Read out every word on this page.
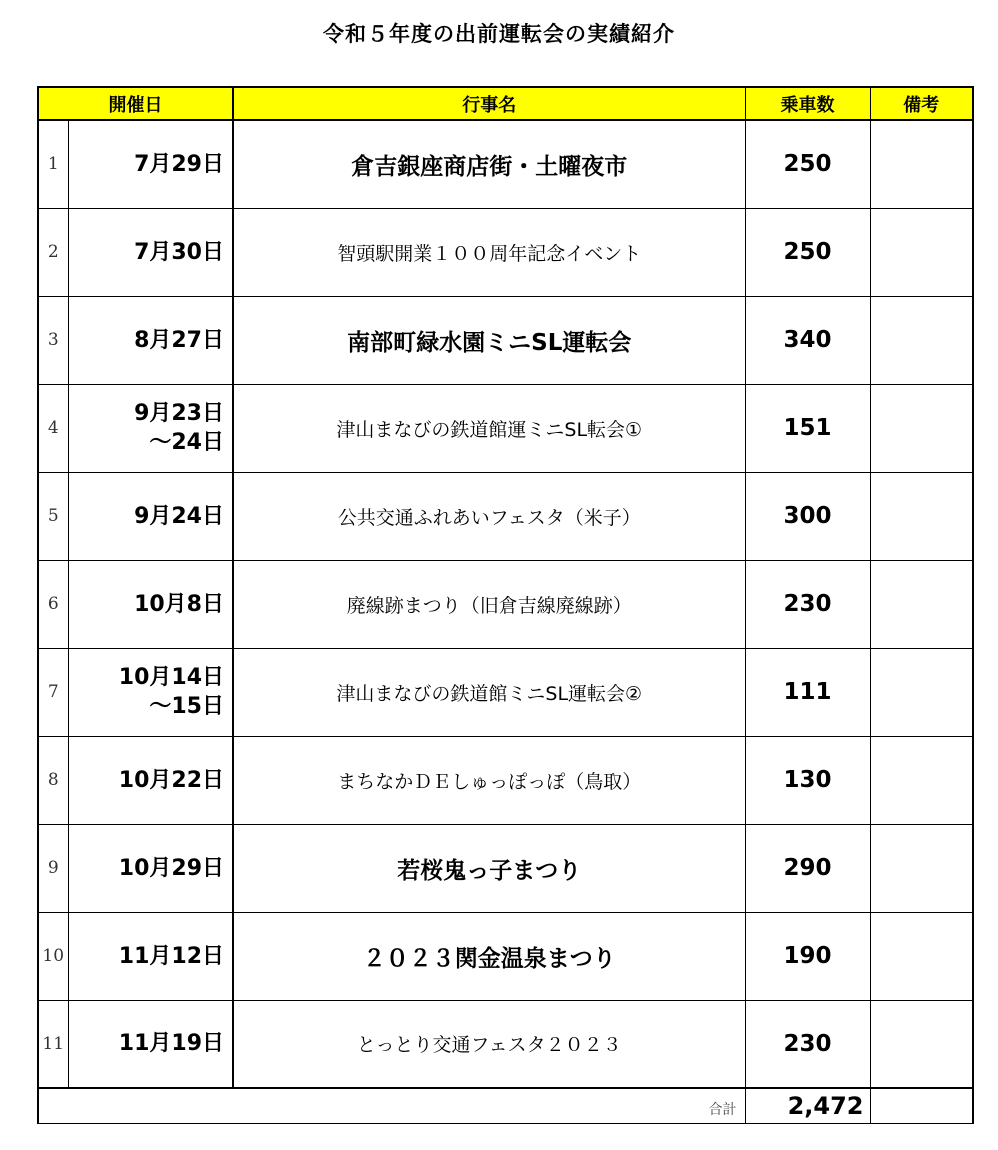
令和５年度の出前運転会の実績紹介
開催日		行事名	乗車数	備考
1	7月29日	倉吉銀座商店街・土曜夜市	250	
2	7月30日	智頭駅開業１００周年記念イベント	250	
3	8月27日	南部町緑水園ミニSL運転会	340	
4	9月23日
～24日	津山まなびの鉄道館運ミニSL転会①	151	
5	9月24日	公共交通ふれあいフェスタ（米子）	300	
6	10月8日	廃線跡まつり（旧倉吉線廃線跡）	230	
7	10月14日
～15日	津山まなびの鉄道館ミニSL運転会②	111	
8	10月22日	まちなかＤＥしゅっぽっぽ（鳥取）	130	
9	10月29日	若桜鬼っ子まつり	290	
10	11月12日	２０２３関金温泉まつり	190	
11	11月19日	とっとり交通フェスタ２０２３	230	
合計			2,472	
